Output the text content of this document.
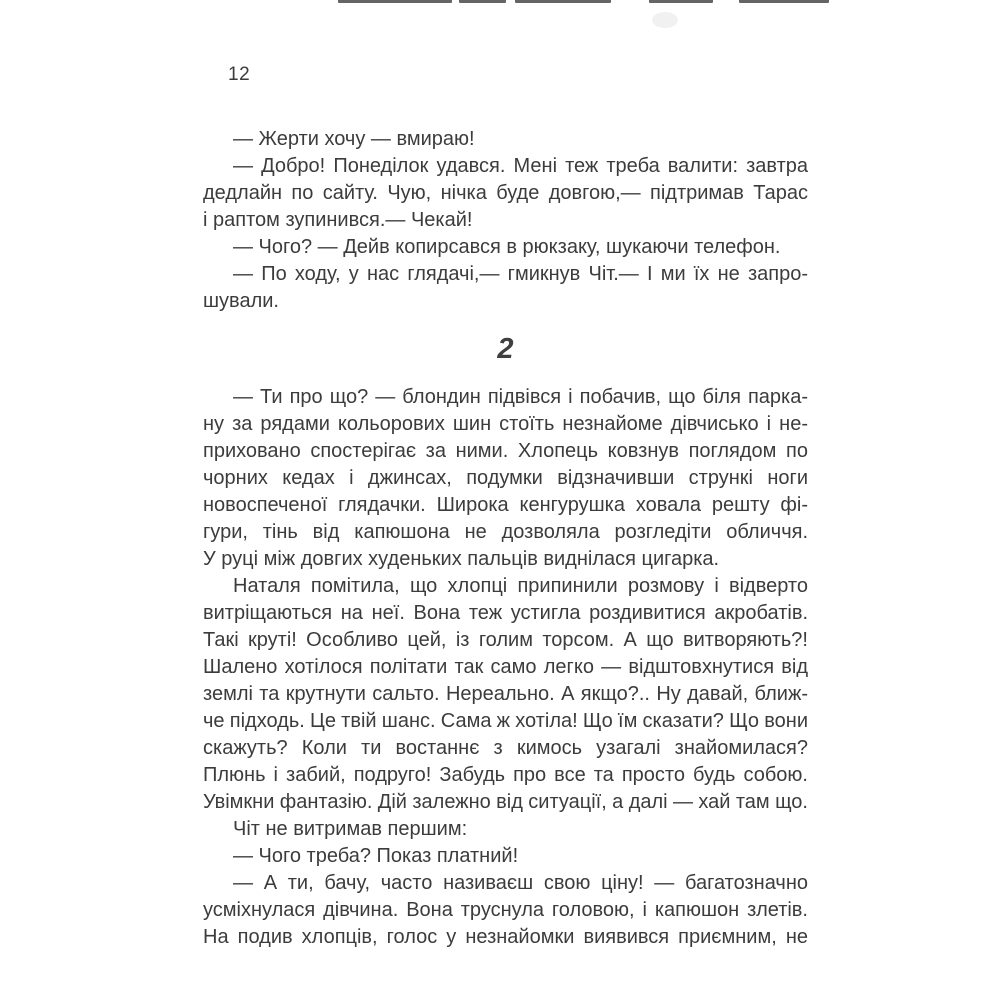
12
— Жерти хочу — вмираю!
— Добро! Понеділок удався. Мені теж треба валити: завтра
дедлайн по сайту. Чую, нічка буде довгою,— підтримав Тарас
і раптом зупинився.— Чекай!
— Чого? — Дейв копирсався в рюкзаку, шукаючи телефон.
— По ходу, у нас глядачі,— гмикнув Чіт.— І ми їх не запро-
шували.
2
— Ти про що? — блондин підвівся і побачив, що біля парка-
ну за рядами кольорових шин стоїть незнайоме дівчисько і не-
приховано спостерігає за ними. Хлопець ковзнув поглядом по
чорних кедах і джинсах, подумки відзначивши стрункі ноги
новоспеченої глядачки. Широка кенгурушка ховала решту фі-
гури, тінь від капюшона не дозволяла розгледіти обличчя.
У руці між довгих худеньких пальців виднілася цигарка.
Наталя помітила, що хлопці припинили розмову і відверто
витріщаються на неї. Вона теж устигла роздивитися акробатів.
Такі круті! Особливо цей, із голим торсом. А що витворяють?!
Шалено хотілося політати так само легко — відштовхнутися від
землі та крутнути сальто. Нереально. А якщо?.. Ну давай, ближ-
че підходь. Це твій шанс. Сама ж хотіла! Що їм сказати? Що вони
скажуть? Коли ти востаннє з кимось узагалі знайомилася?
Плюнь і забий, подруго! Забудь про все та просто будь собою.
Увімкни фантазію. Дій залежно від ситуації, а далі — хай там що.
Чіт не витримав першим:
— Чого треба? Показ платний!
— А ти, бачу, часто називаєш свою ціну! — багатозначно
усміхнулася дівчина. Вона труснула головою, і капюшон злетів.
На подив хлопців, голос у незнайомки виявився приємним, не
